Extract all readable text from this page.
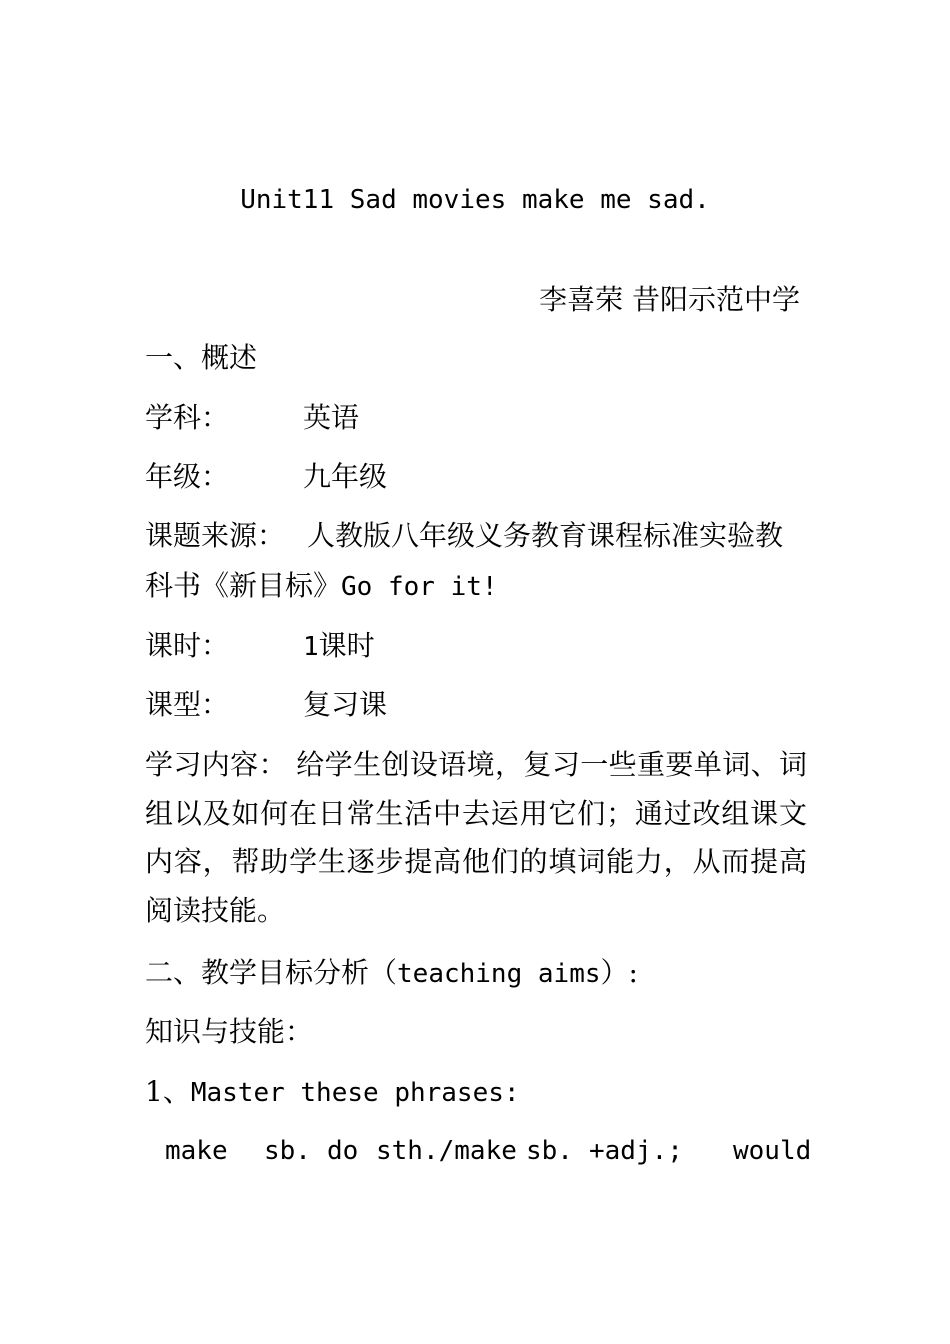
Unit11 Sad movies make me sad.
李喜荣 昔阳示范中学
一、概述
学科：	英语
年级：	九年级
课题来源： 人教版八年级义务教育课程标准实验教
科书《新目标》Go for it!
课时：	1课时
课型：	复习课
学习内容： 给学生创设语境，复习一些重要单词、词组以及如何在日常生活中去运用它们；通过改组课文内容，帮助学生逐步提高他们的填词能力，从而提高阅读技能。
二、教学目标分析（teaching aims）:
知识与技能：
1、Master these phrases:
make sb. do sth./make sb. +adj.; would
